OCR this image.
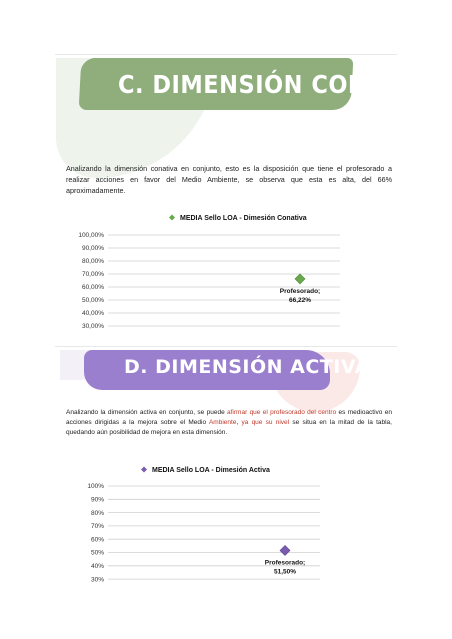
C. DIMENSIÓN CONATIVA
Analizando la dimensión conativa en conjunto, esto es la disposición que tiene el profesorado a realizar acciones en favor del Medio Ambiente, se observa que esta es alta, del 66% aproximadamente.
MEDIA Sello LOA - Dimesión Conativa
100,00%
90,00%
80,00%
70,00%
60,00%
50,00%
40,00%
30,00%
Profesorado;
66,22%
D. DIMENSIÓN ACTIVA
Analizando la dimensión activa en conjunto, se puede afirmar que el profesorado del centro es medioactivo en acciones dirigidas a la mejora sobre el Medio Ambiente, ya que su nivel se situa en la mitad de la tabla, quedando aún posibilidad de mejora en esta dimensión.
MEDIA Sello LOA - Dimesión Activa
100%
90%
80%
70%
60%
50%
40%
30%
Profesorado;
51,50%
